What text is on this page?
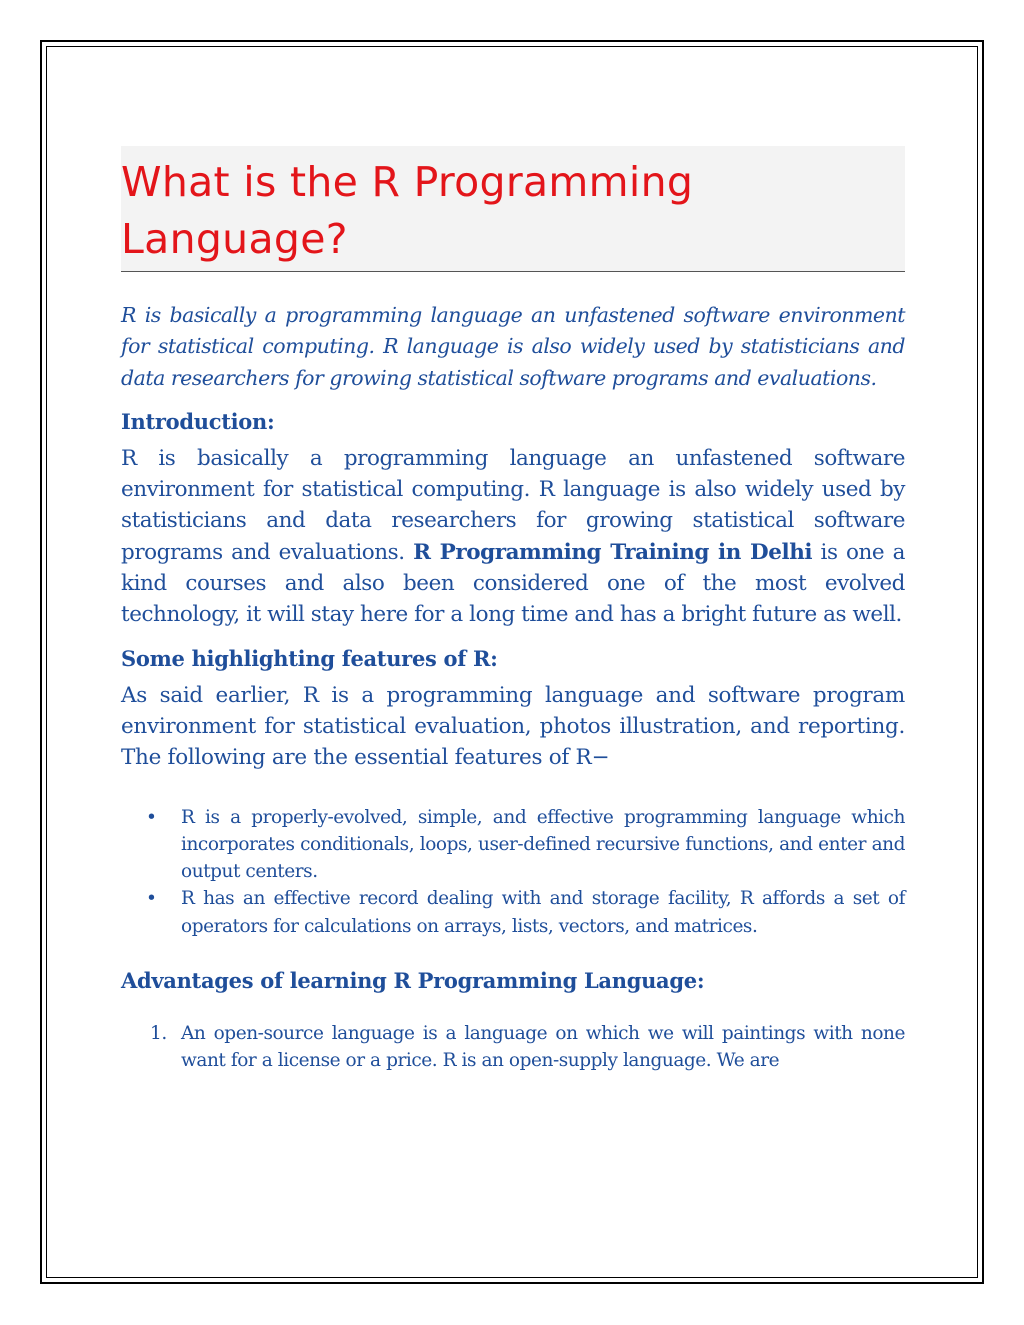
What is the R Programming Language?

R is basically a programming language an unfastened software environment for statistical computing. R language is also widely used by statisticians and data researchers for growing statistical software programs and evaluations.

Introduction:

R is basically a programming language an unfastened software environment for statistical computing. R language is also widely used by statisticians and data researchers for growing statistical software programs and evaluations. R Programming Training in Delhi is one a kind courses and also been considered one of the most evolved technology, it will stay here for a long time and has a bright future as well.

Some highlighting features of R:

As said earlier, R is a programming language and software program environment for statistical evaluation, photos illustration, and reporting. The following are the essential features of R−

• R is a properly-evolved, simple, and effective programming language which incorporates conditionals, loops, user-defined recursive functions, and enter and output centers.
• R has an effective record dealing with and storage facility, R affords a set of operators for calculations on arrays, lists, vectors, and matrices.
Advantages of learning R Programming Language:
1. An open-source language is a language on which we will paintings with none want for a license or a price. R is an open-supply language. We are
